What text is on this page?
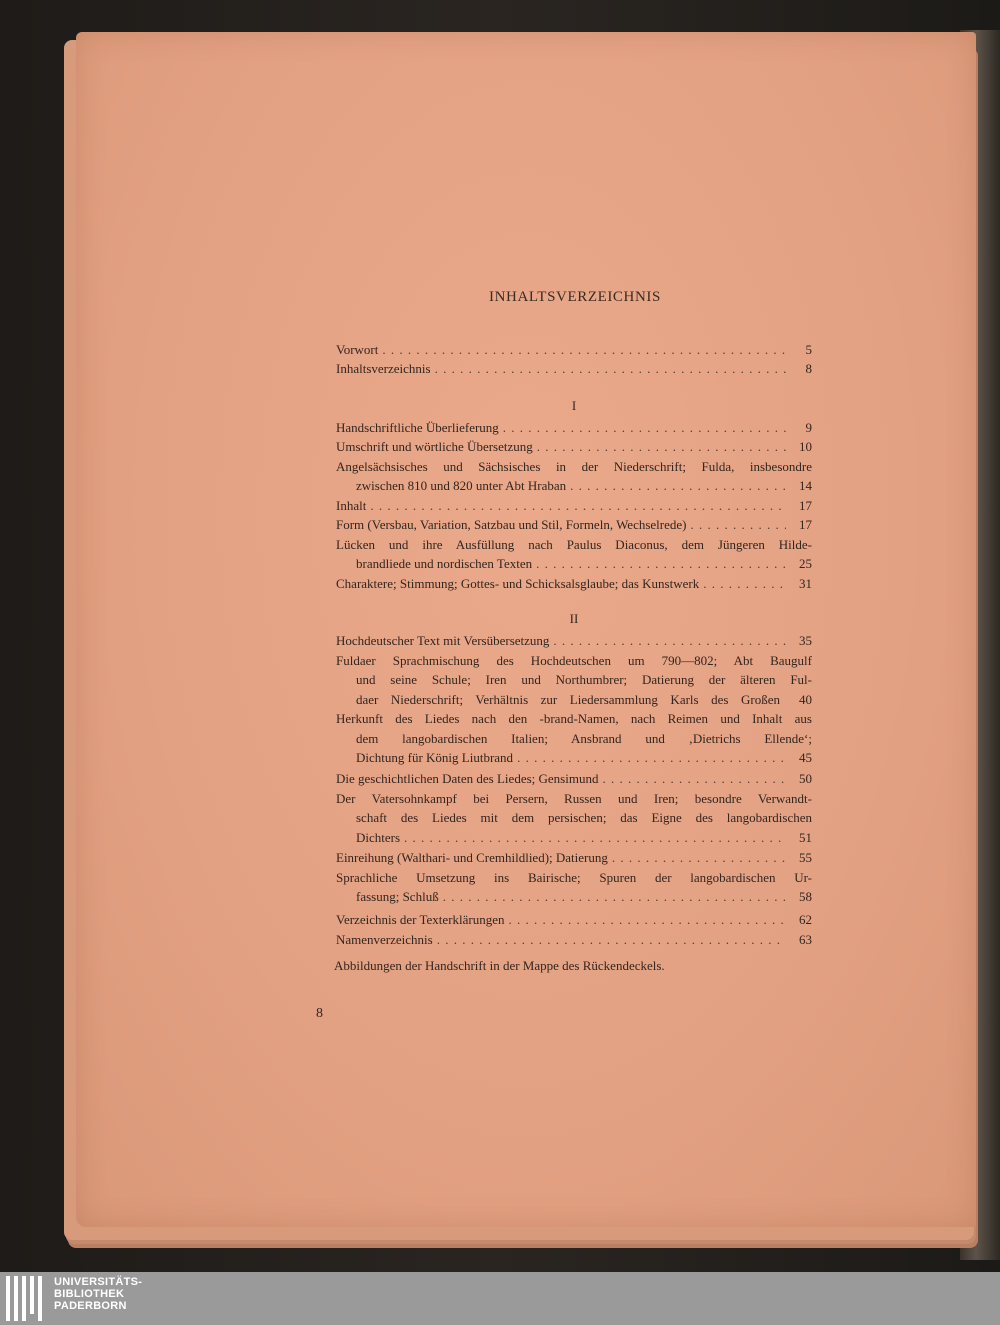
INHALTSVERZEICHNIS
Vorwort . . .	5
Inhaltsverzeichnis . . .	8
I
Handschriftliche Überlieferung . . .	9
Umschrift und wörtliche Übersetzung . . .	10
Angelsächsisches und Sächsisches in der Niederschrift; Fulda, insbesondre
zwischen 810 und 820 unter Abt Hraban . . .	14
Inhalt . . .	17
Form (Versbau, Variation, Satzbau und Stil, Formeln, Wechselrede) . . .	17
Lücken und ihre Ausfüllung nach Paulus Diaconus, dem Jüngeren Hilde-
brandliede und nordischen Texten . . .	25
Charaktere; Stimmung; Gottes- und Schicksalsglaube; das Kunstwerk . . .	31
II
Hochdeutscher Text mit Versübersetzung . . .	35
Fuldaer Sprachmischung des Hochdeutschen um 790—802; Abt Baugulf
und seine Schule; Iren und Northumbrer; Datierung der älteren Ful-
daer Niederschrift; Verhältnis zur Liedersammlung Karls des Großen	40
Herkunft des Liedes nach den -brand-Namen, nach Reimen und Inhalt aus
dem langobardischen Italien; Ansbrand und ‚Dietrichs Ellende‘;
Dichtung für König Liutbrand . . .	45
Die geschichtlichen Daten des Liedes; Gensimund . . .	50
Der Vatersohnkampf bei Persern, Russen und Iren; besondre Verwandt-
schaft des Liedes mit dem persischen; das Eigne des langobardischen
Dichters . . .	51
Einreihung (Walthari- und Cremhildlied); Datierung . . .	55
Sprachliche Umsetzung ins Bairische; Spuren der langobardischen Ur-
fassung; Schluß . . .	58
Verzeichnis der Texterklärungen . . .	62
Namenverzeichnis . . .	63
Abbildungen der Handschrift in der Mappe des Rückendeckels.
8
UNIVERSITÄTS-
BIBLIOTHEK
PADERBORN
